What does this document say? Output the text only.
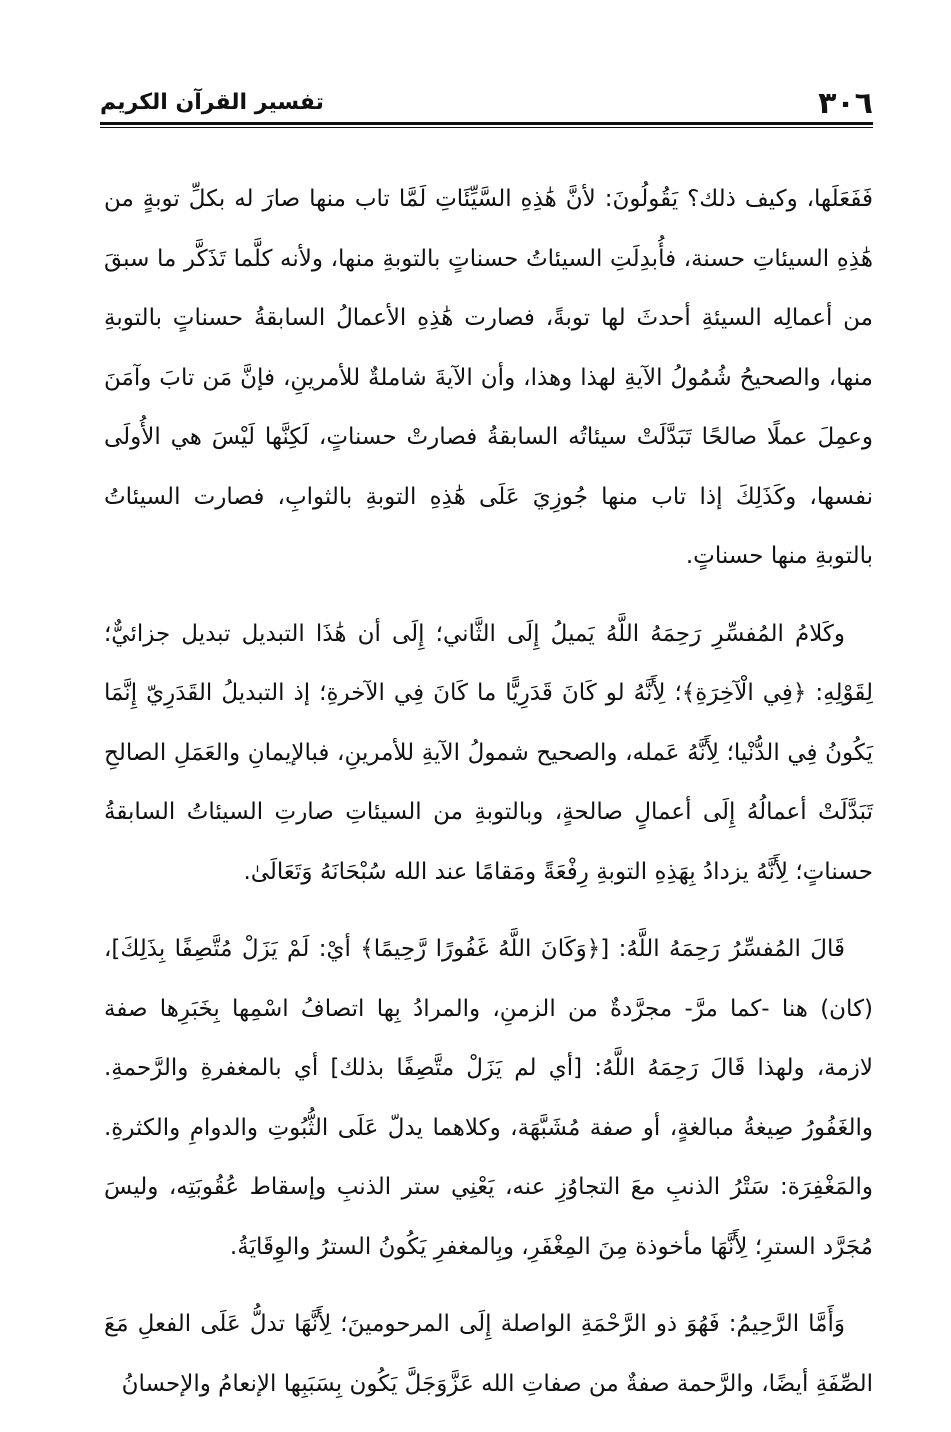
٣٠٦
تفسير القرآن الكريم

فَفَعَلَها، وكيف ذلك؟ يَقُولُونَ: لأنَّ هَٰذِهِ السَّيِّئَاتِ لَمَّا تاب منها صارَ له بكلِّ توبةٍ من هَٰذِهِ السيئاتِ حسنة، فأُبدِلَتِ السيئاتُ حسناتٍ بالتوبةِ منها، ولأنه كلَّما تَذَكَّر ما سبقَ من أعمالِه السيئةِ أحدثَ لها توبةً، فصارت هَٰذِهِ الأعمالُ السابقةُ حسناتٍ بالتوبةِ منها، والصحيحُ شُمُولُ الآيةِ لهذا وهذا، وأن الآيةَ شاملةٌ للأمرينِ، فإنَّ مَن تابَ وآمَنَ وعمِلَ عملًا صالحًا تَبَدَّلَتْ سيئاتُه السابقةُ فصارتْ حسناتٍ، لَكِنَّها لَيْسَ هي الأُولَى نفسها، وكَذَلِكَ إذا تاب منها جُوزِيَ عَلَى هَٰذِهِ التوبةِ بالثوابِ، فصارت السيئاتُ بالتوبةِ منها حسناتٍ.

وكَلامُ المُفسِّرِ رَحِمَهُ اللَّهُ يَميلُ إِلَى الثَّاني؛ إِلَى أن هَٰذَا التبديل تبديل جزائيٌّ؛ لِقَوْلِهِ: ﴿فِي الْآخِرَةِ﴾؛ لِأَنَّهُ لو كَانَ قَدَرِيًّا ما كَانَ فِي الآخرةِ؛ إذ التبديلُ القَدَرِيّ إِنَّمَا يَكُونُ فِي الدُّنْيا؛ لِأَنَّهُ عَمله، والصحيح شمولُ الآيةِ للأمرينِ، فبالإيمانِ والعَمَلِ الصالحِ تَبَدَّلَتْ أعمالُهُ إِلَى أعمالٍ صالحةٍ، وبالتوبةِ من السيئاتِ صارتِ السيئاتُ السابقةُ حسناتٍ؛ لِأَنَّهُ يزدادُ بِهَذِهِ التوبةِ رِفْعَةً ومَقامًا عند الله سُبْحَانَهُ وَتَعَالَىٰ.

قَالَ المُفسِّرُ رَحِمَهُ اللَّهُ: [﴿وَكَانَ اللَّهُ غَفُورًا رَّحِيمًا﴾ أيْ: لَمْ يَزَلْ مُتَّصِفًا بِذَلِكَ]، (كان) هنا -كما مرَّ- مجرَّدةٌ من الزمنِ، والمرادُ بِها اتصافُ اسْمِها بِخَبَرِها صفة لازمة، ولهذا قَالَ رَحِمَهُ اللَّهُ: [أي لم يَزَلْ متَّصِفًا بذلك] أي بالمغفرةِ والرَّحمةِ. والغَفُورُ صِيغةُ مبالغةٍ، أو صفة مُشَبَّهَة، وكلاهما يدلّ عَلَى الثُّبُوتِ والدوامِ والكثرةِ. والمَغْفِرَة: سَتْرُ الذنبِ معَ التجاوُزِ عنه، يَعْنِي ستر الذنبِ وإسقاط عُقُوبَتِه، وليسَ مُجَرَّد السترِ؛ لِأَنَّهَا مأخوذة مِنَ المِغْفَرِ، وبِالمغفرِ يَكُونُ السترُ والوِقَايَةُ.

وَأَمَّا الرَّحِيمُ: فَهُوَ ذو الرَّحْمَةِ الواصلة إِلَى المرحومينَ؛ لِأَنَّهَا تدلُّ عَلَى الفعلِ مَعَ الصِّفَةِ أيضًا، والرَّحمة صفةٌ من صفاتِ الله عَزَّوَجَلَّ يَكُون بِسَبَبِها الإنعامُ والإحسانُ
